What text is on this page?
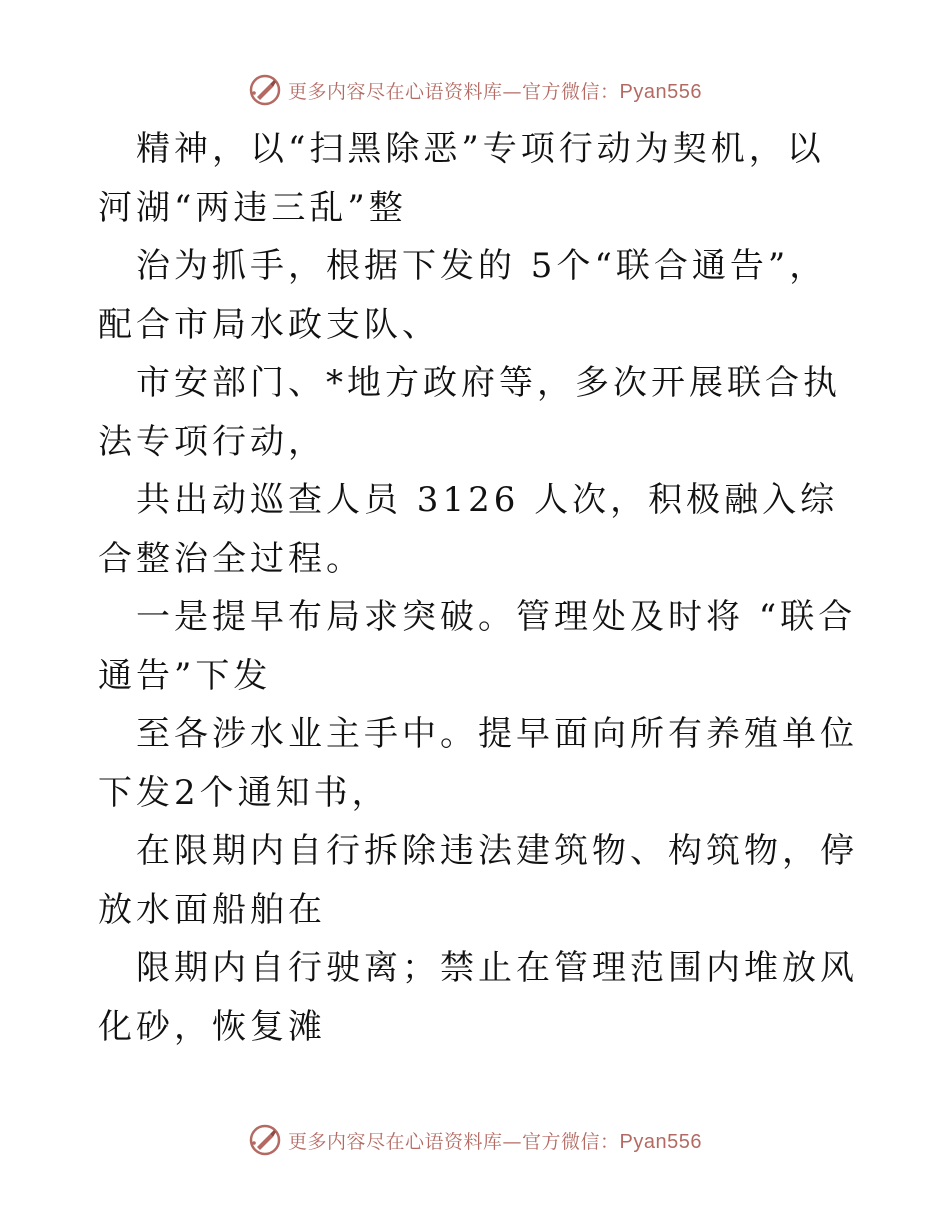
更多内容尽在心语资料库—官方微信：Pyan556

精神，以“扫黑除恶”专项行动为契机，以河湖“两违三乱”整

治为抓手，根据下发的 5个“联合通告”，配合市局水政支队、

市安部门、*地方政府等，多次开展联合执法专项行动，

共出动巡查人员 3126 人次，积极融入综合整治全过程。

一是提早布局求突破。管理处及时将 “联合通告”下发

至各涉水业主手中。提早面向所有养殖单位下发2个通知书，

在限期内自行拆除违法建筑物、构筑物，停放水面船舶在

限期内自行驶离；禁止在管理范围内堆放风化砂，恢复滩

更多内容尽在心语资料库—官方微信：Pyan556
